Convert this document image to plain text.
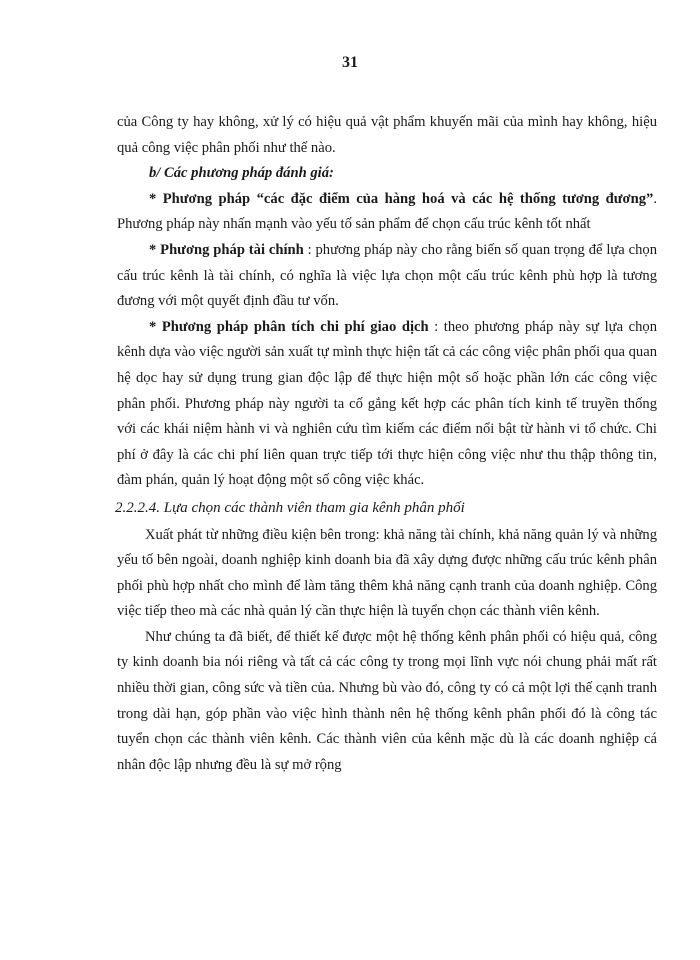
31

của Công ty hay không, xử lý có hiệu quả vật phẩm khuyến mãi của mình hay không, hiệu quả công việc phân phối như thế nào.

b/ Các phương pháp đánh giá:

* Phương pháp “các đặc điểm của hàng hoá và các hệ thống tương đương”. Phương pháp này nhấn mạnh vào yếu tố sản phẩm để chọn cấu trúc kênh tốt nhất

* Phương pháp tài chính : phương pháp này cho rằng biến số quan trọng để lựa chọn cấu trúc kênh là tài chính, có nghĩa là việc lựa chọn một cấu trúc kênh phù hợp là tương đương với một quyết định đầu tư vốn.

* Phương pháp phân tích chi phí giao dịch : theo phương pháp này sự lựa chọn kênh dựa vào việc người sản xuất tự mình thực hiện tất cả các công việc phân phối qua quan hệ dọc hay sử dụng trung gian độc lập để thực hiện một số hoặc phần lớn các công việc phân phối. Phương pháp này người ta cố gắng kết hợp các phân tích kinh tế truyền thống với các khái niệm hành vi và nghiên cứu tìm kiếm các điểm nổi bật từ hành vi tổ chức. Chi phí ở đây là các chi phí liên quan trực tiếp tới thực hiện công việc như thu thập thông tin, đàm phán, quản lý hoạt động một số công việc khác.

2.2.2.4. Lựa chọn các thành viên tham gia kênh phân phối

Xuất phát từ những điều kiện bên trong: khả năng tài chính, khả năng quản lý và những yếu tố bên ngoài, doanh nghiệp kinh doanh bia đã xây dựng được những cấu trúc kênh phân phối phù hợp nhất cho mình để làm tăng thêm khả năng cạnh tranh của doanh nghiệp. Công việc tiếp theo mà các nhà quản lý cần thực hiện là tuyển chọn các thành viên kênh.

Như chúng ta đã biết, để thiết kế được một hệ thống kênh phân phối có hiệu quả, công ty kinh doanh bia nói riêng và tất cả các công ty trong mọi lĩnh vực nói chung phải mất rất nhiều thời gian, công sức và tiền của. Nhưng bù vào đó, công ty có cả một lợi thế cạnh tranh trong dài hạn, góp phần vào việc hình thành nên hệ thống kênh phân phối đó là công tác tuyển chọn các thành viên kênh. Các thành viên của kênh mặc dù là các doanh nghiệp cá nhân độc lập nhưng đều là sự mở rộng
